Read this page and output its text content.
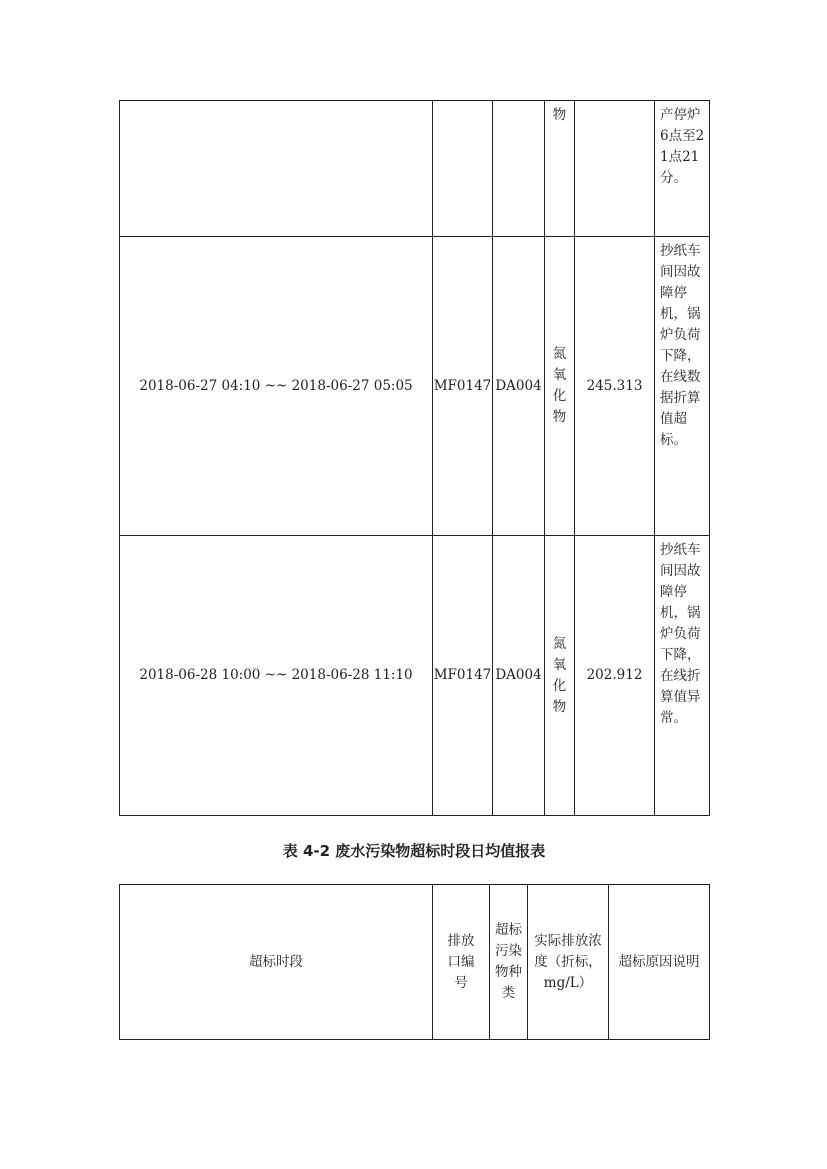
			物		产停炉6点至21点21分。
2018-06-27 04:10 ~~ 2018-06-27 05:05	MF0147	DA004	氮氧化物	245.313	抄纸车间因故障停机，锅炉负荷下降，在线数据折算值超标。
2018-06-28 10:00 ~~ 2018-06-28 11:10	MF0147	DA004	氮氧化物	202.912	抄纸车间因故障停机，锅炉负荷下降，在线折算值异常。
表 4-2 废水污染物超标时段日均值报表
超标时段	排放口编号	超标污染物种类	实际排放浓度（折标，mg/L）	超标原因说明
